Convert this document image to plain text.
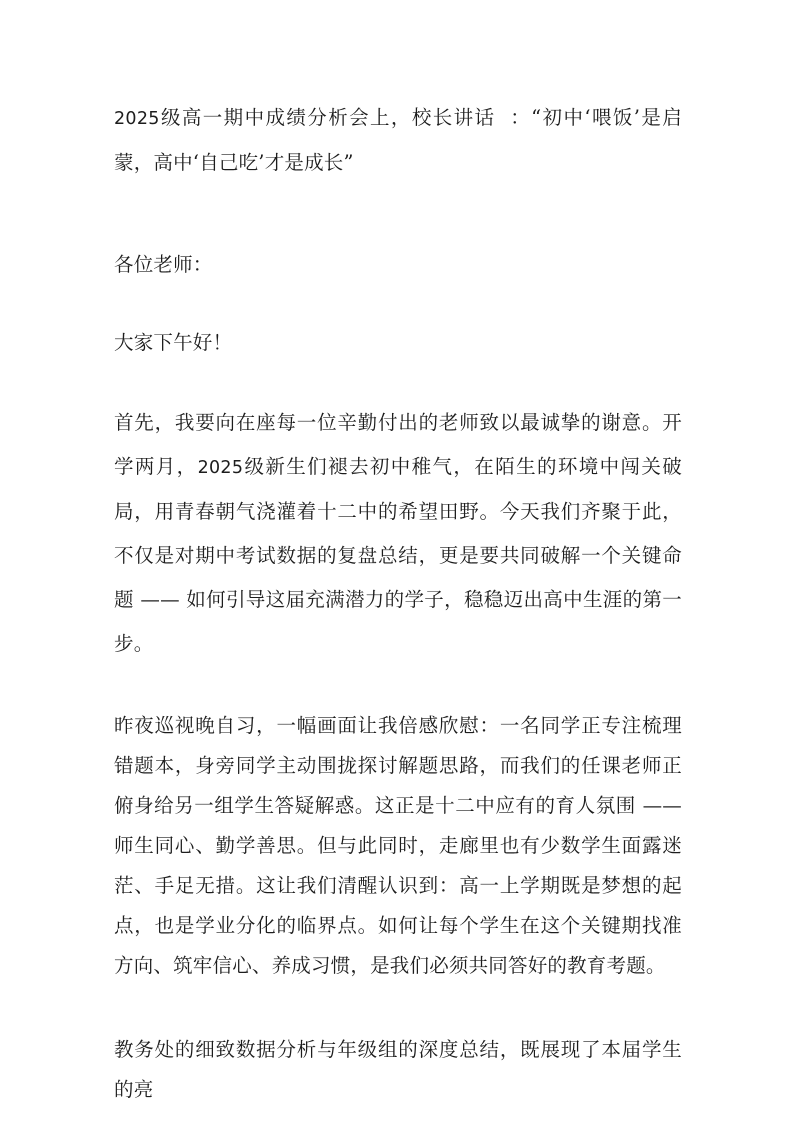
2025级高一期中成绩分析会上，校长讲话 ：“初中‘喂饭’是启蒙，高中‘自己吃’才是成长”

各位老师：

大家下午好！

首先，我要向在座每一位辛勤付出的老师致以最诚挚的谢意。开学两月，2025级新生们褪去初中稚气，在陌生的环境中闯关破局，用青春朝气浇灌着十二中的希望田野。今天我们齐聚于此，不仅是对期中考试数据的复盘总结，更是要共同破解一个关键命题 —— 如何引导这届充满潜力的学子，稳稳迈出高中生涯的第一步。

昨夜巡视晚自习，一幅画面让我倍感欣慰：一名同学正专注梳理错题本，身旁同学主动围拢探讨解题思路，而我们的任课老师正俯身给另一组学生答疑解惑。这正是十二中应有的育人氛围 —— 师生同心、勤学善思。但与此同时，走廊里也有少数学生面露迷茫、手足无措。这让我们清醒认识到：高一上学期既是梦想的起点，也是学业分化的临界点。如何让每个学生在这个关键期找准方向、筑牢信心、养成习惯，是我们必须共同答好的教育考题。

教务处的细致数据分析与年级组的深度总结，既展现了本届学生的亮
